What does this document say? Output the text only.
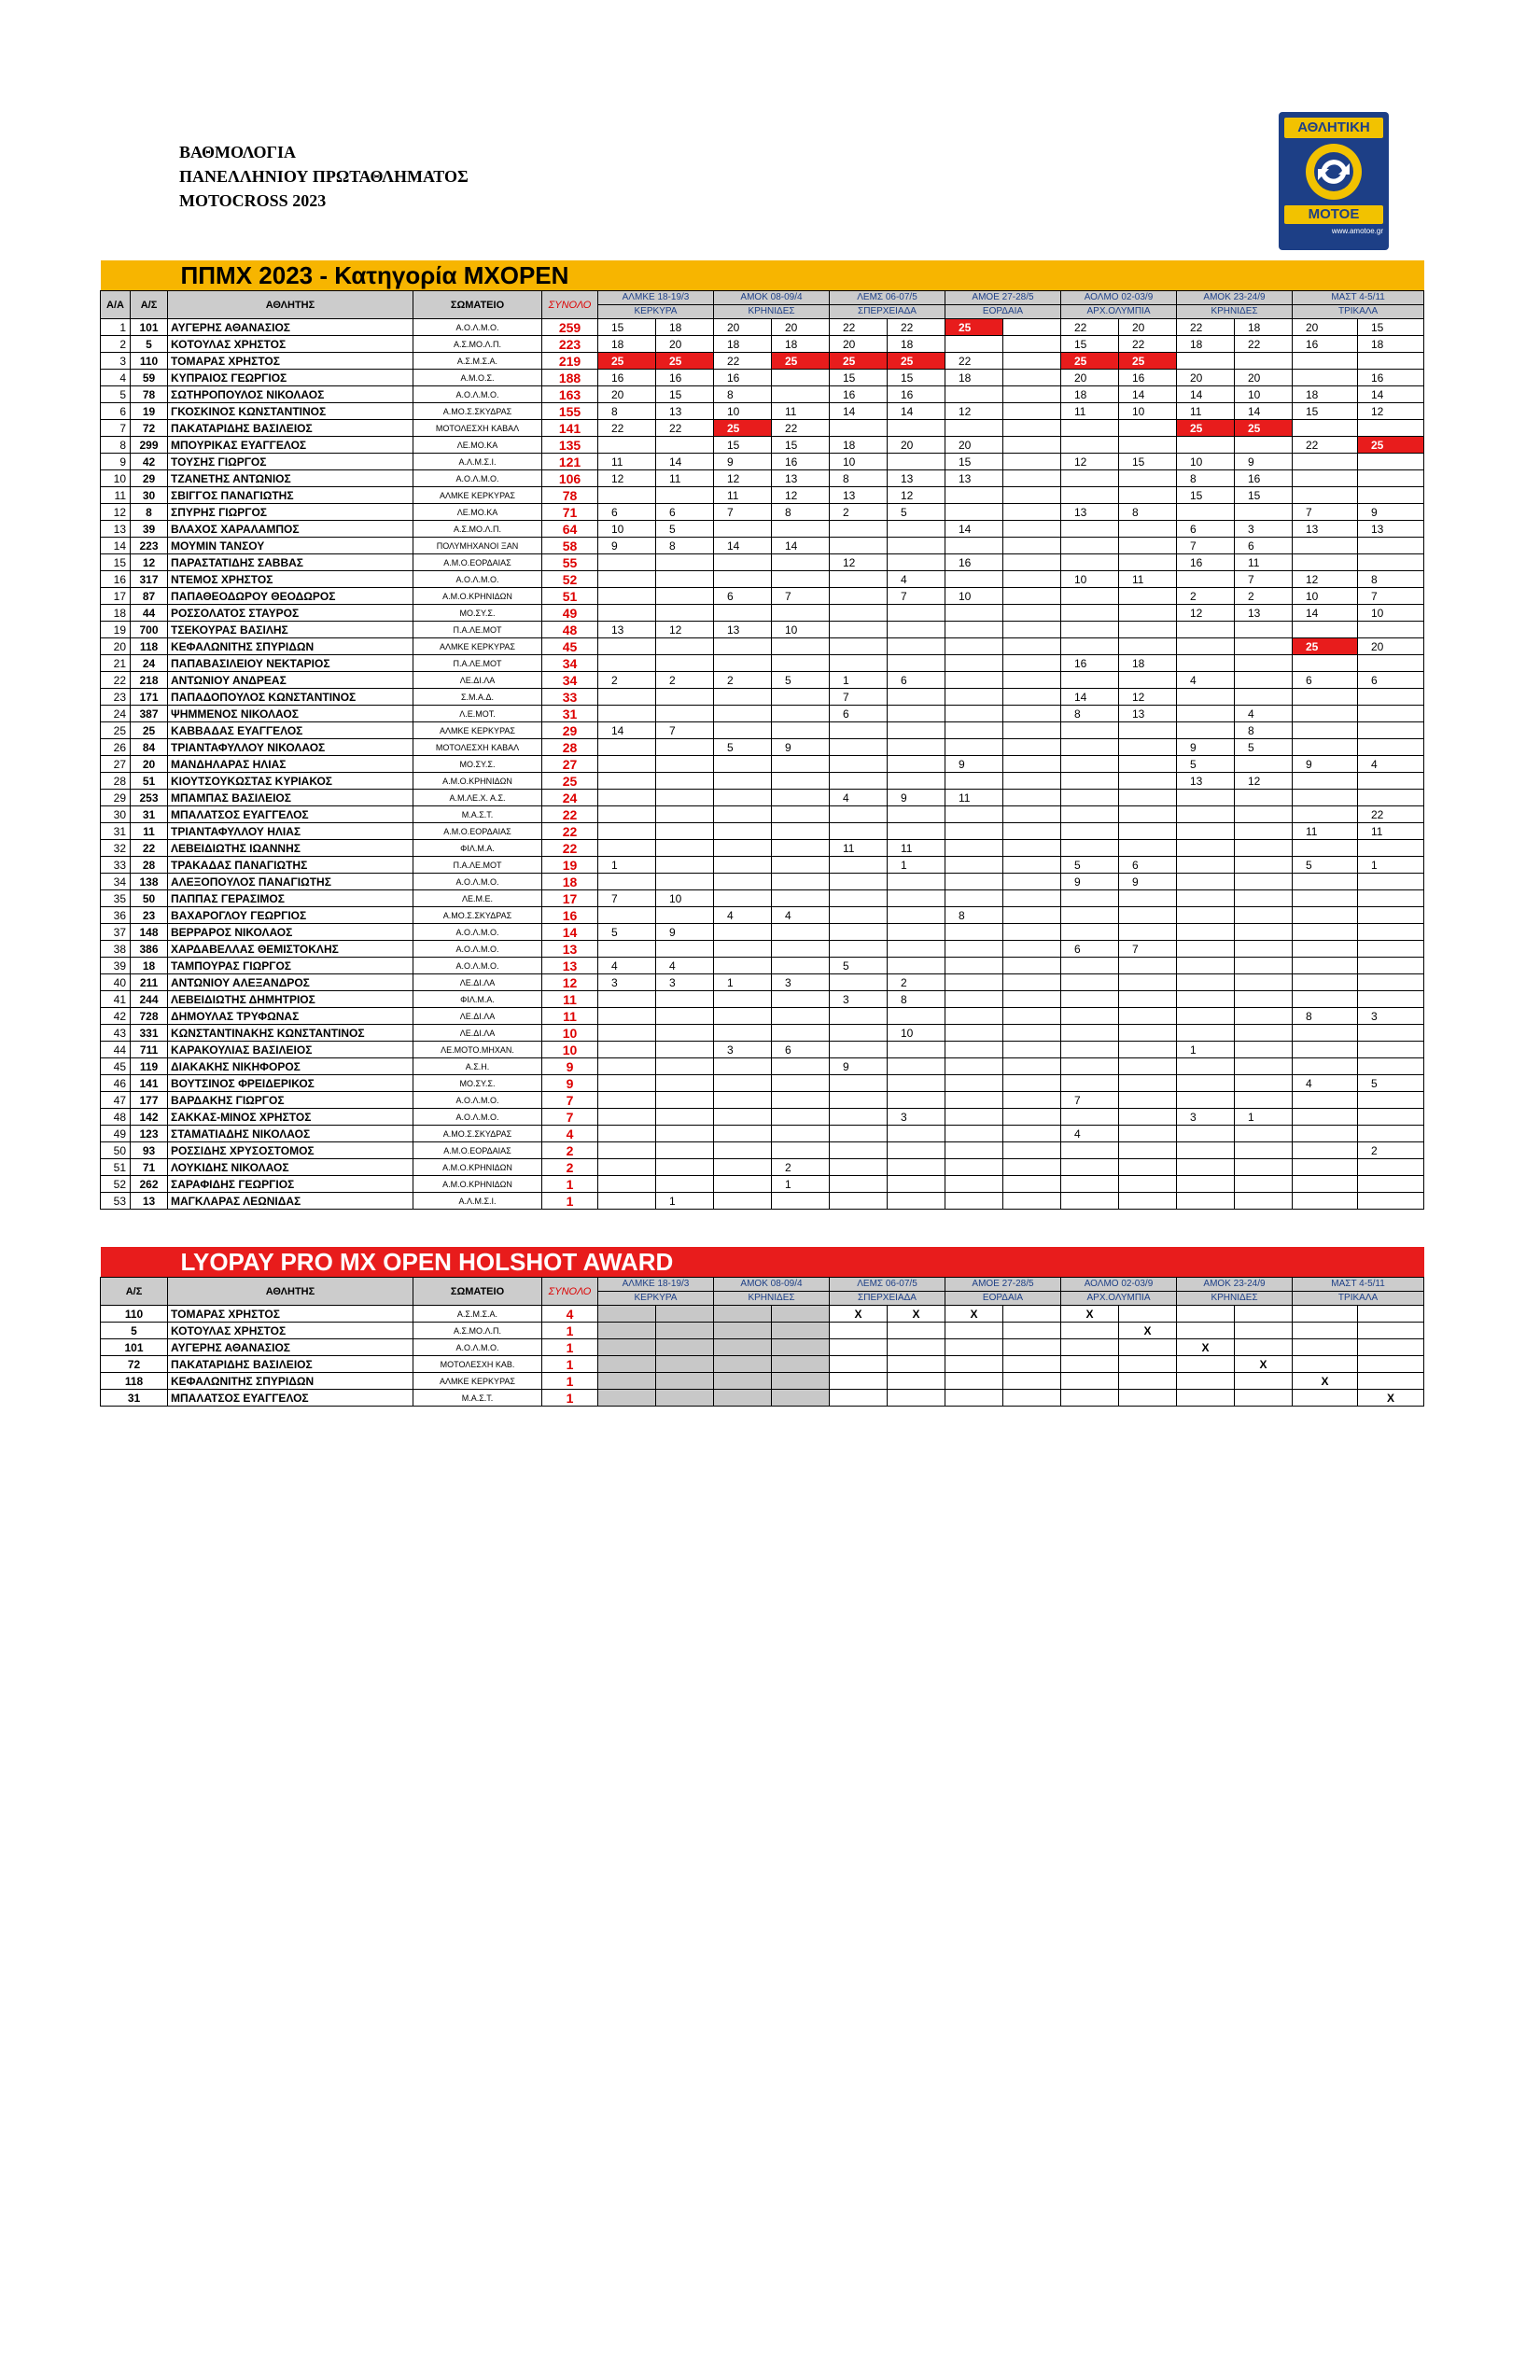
ΒΑΘΜΟΛΟΓΙΑ
ΠΑΝΕΛΛΗΝΙΟΥ ΠΡΩΤΑΘΛΗΜΑΤΟΣ
MOTOCROSS 2023
ΑΘΛΗΤΙΚΗ
ΜΟΤΟΕ
www.amotoe.gr
ΠΠΜΧ 2023 - Κατηγορία MXOPEN																		
Α/Α	Α/Σ	ΑΘΛΗΤΗΣ	ΣΩΜΑΤΕΙΟ	ΣΥΝΟΛΟ	ΑΛΜΚΕ 18-19/3		ΑΜΟΚ 08-09/4		ΛΕΜΣ 06-07/5		ΑΜΟΕ 27-28/5		ΑΟΛΜΟ 02-03/9		ΑΜΟΚ 23-24/9		ΜΑΣΤ 4-5/11	
					ΚΕΡΚΥΡΑ		ΚΡΗΝΙΔΕΣ		ΣΠΕΡΧΕΙΑΔΑ		ΕΟΡΔΑΙΑ		ΑΡΧ.ΟΛΥΜΠΙΑ		ΚΡΗΝΙΔΕΣ		ΤΡΙΚΑΛΑ	
1	101	ΑΥΓΕΡΗΣ ΑΘΑΝΑΣΙΟΣ	Α.Ο.Λ.Μ.Ο.	259	15	18	20	20	22	22	25		22	20	22	18	20	15
2	5	ΚΟΤΟΥΛΑΣ ΧΡΗΣΤΟΣ	Α.Σ.ΜΟ.Λ.Π.	223	18	20	18	18	20	18			15	22	18	22	16	18
3	110	ΤΟΜΑΡΑΣ ΧΡΗΣΤΟΣ	Α.Σ.Μ.Σ.Α.	219	25	25	22	25	25	25	22		25	25				
4	59	ΚΥΠΡΑΙΟΣ ΓΕΩΡΓΙΟΣ	Α.Μ.Ο.Σ.	188	16	16	16		15	15	18		20	16	20	20		16
5	78	ΣΩΤΗΡΟΠΟΥΛΟΣ ΝΙΚΟΛΑΟΣ	Α.Ο.Λ.Μ.Ο.	163	20	15	8		16	16			18	14	14	10	18	14
6	19	ΓΚΟΣΚΙΝΟΣ ΚΩΝΣΤΑΝΤΙΝΟΣ	Α.ΜΟ.Σ.ΣΚΥΔΡΑΣ	155	8	13	10	11	14	14	12		11	10	11	14	15	12
7	72	ΠΑΚΑΤΑΡΙΔΗΣ ΒΑΣΙΛΕΙΟΣ	ΜΟΤΟΛΕΣΧΗ ΚΑΒΑΛ	141	22	22	25	22							25	25		
8	299	ΜΠΟΥΡΙΚΑΣ ΕΥΑΓΓΕΛΟΣ	ΛΕ.ΜΟ.ΚΑ	135			15	15	18	20	20						22	25
9	42	ΤΟΥΣΗΣ ΓΙΩΡΓΟΣ	Α.Λ.Μ.Σ.Ι.	121	11	14	9	16	10		15		12	15	10	9		
10	29	ΤΖΑΝΕΤΗΣ ΑΝΤΩΝΙΟΣ	Α.Ο.Λ.Μ.Ο.	106	12	11	12	13	8	13	13				8	16		
11	30	ΣΒΙΓΓΟΣ ΠΑΝΑΓΙΩΤΗΣ	ΑΛΜΚΕ ΚΕΡΚΥΡΑΣ	78			11	12	13	12					15	15		
12	8	ΣΠΥΡΗΣ ΓΙΩΡΓΟΣ	ΛΕ.ΜΟ.ΚΑ	71	6	6	7	8	2	5			13	8			7	9
13	39	ΒΛΑΧΟΣ ΧΑΡΑΛΑΜΠΟΣ	Α.Σ.ΜΟ.Λ.Π.	64	10	5					14				6	3	13	13
14	223	ΜΟΥΜΙΝ ΤΑΝΣΟΥ	ΠΟΛΥΜΗΧΑΝΟΙ ΞΑΝ	58	9	8	14	14							7	6		
15	12	ΠΑΡΑΣΤΑΤΙΔΗΣ ΣΑΒΒΑΣ	Α.Μ.Ο.ΕΟΡΔΑΙΑΣ	55					12		16				16	11		
16	317	ΝΤΕΜΟΣ ΧΡΗΣΤΟΣ	Α.Ο.Λ.Μ.Ο.	52						4			10	11		7	12	8
17	87	ΠΑΠΑΘΕΟΔΩΡΟΥ ΘΕΟΔΩΡΟΣ	Α.Μ.Ο.ΚΡΗΝΙΔΩΝ	51			6	7		7	10				2	2	10	7
18	44	ΡΟΣΣΟΛΑΤΟΣ ΣΤΑΥΡΟΣ	ΜΟ.ΣΥ.Σ.	49											12	13	14	10
19	700	ΤΣΕΚΟΥΡΑΣ ΒΑΣΙΛΗΣ	Π.Α.ΛΕ.ΜΟΤ	48	13	12	13	10										
20	118	ΚΕΦΑΛΩΝΙΤΗΣ ΣΠΥΡΙΔΩΝ	ΑΛΜΚΕ ΚΕΡΚΥΡΑΣ	45													25	20
21	24	ΠΑΠΑΒΑΣΙΛΕΙΟΥ ΝΕΚΤΑΡΙΟΣ	Π.Α.ΛΕ.ΜΟΤ	34									16	18				
22	218	ΑΝΤΩΝΙΟΥ ΑΝΔΡΕΑΣ	ΛΕ.ΔΙ.ΛΑ	34	2	2	2	5	1	6					4		6	6
23	171	ΠΑΠΑΔΟΠΟΥΛΟΣ ΚΩΝΣΤΑΝΤΙΝΟΣ	Σ.Μ.Α.Δ.	33					7				14	12				
24	387	ΨΗΜΜΕΝΟΣ ΝΙΚΟΛΑΟΣ	Λ.Ε.ΜΟΤ.	31					6				8	13		4		
25	25	ΚΑΒΒΑΔΑΣ ΕΥΑΓΓΕΛΟΣ	ΑΛΜΚΕ ΚΕΡΚΥΡΑΣ	29	14	7										8		
26	84	ΤΡΙΑΝΤΑΦΥΛΛΟΥ ΝΙΚΟΛΑΟΣ	ΜΟΤΟΛΕΣΧΗ ΚΑΒΑΛ	28			5	9							9	5		
27	20	ΜΑΝΔΗΛΑΡΑΣ ΗΛΙΑΣ	ΜΟ.ΣΥ.Σ.	27							9				5		9	4
28	51	ΚΙΟΥΤΣΟΥΚΩΣΤΑΣ ΚΥΡΙΑΚΟΣ	Α.Μ.Ο.ΚΡΗΝΙΔΩΝ	25											13	12		
29	253	ΜΠΑΜΠΑΣ ΒΑΣΙΛΕΙΟΣ	Α.Μ.ΛΕ.Χ. Α.Σ.	24					4	9	11							
30	31	ΜΠΑΛΑΤΣΟΣ ΕΥΑΓΓΕΛΟΣ	Μ.Α.Σ.Τ.	22														22
31	11	ΤΡΙΑΝΤΑΦΥΛΛΟΥ ΗΛΙΑΣ	Α.Μ.Ο.ΕΟΡΔΑΙΑΣ	22													11	11
32	22	ΛΕΒΕΙΔΙΩΤΗΣ ΙΩΑΝΝΗΣ	ΦΙΛ.Μ.Α.	22					11	11								
33	28	ΤΡΑΚΑΔΑΣ ΠΑΝΑΓΙΩΤΗΣ	Π.Α.ΛΕ.ΜΟΤ	19	1					1			5	6			5	1
34	138	ΑΛΕΞΟΠΟΥΛΟΣ ΠΑΝΑΓΙΩΤΗΣ	Α.Ο.Λ.Μ.Ο.	18									9	9				
35	50	ΠΑΠΠΑΣ ΓΕΡΑΣΙΜΟΣ	ΛΕ.Μ.Ε.	17	7	10												
36	23	ΒΑΧΑΡΟΓΛΟΥ ΓΕΩΡΓΙΟΣ	Α.ΜΟ.Σ.ΣΚΥΔΡΑΣ	16			4	4			8							
37	148	ΒΕΡΡΑΡΟΣ ΝΙΚΟΛΑΟΣ	Α.Ο.Λ.Μ.Ο.	14	5	9												
38	386	ΧΑΡΔΑΒΕΛΛΑΣ ΘΕΜΙΣΤΟΚΛΗΣ	Α.Ο.Λ.Μ.Ο.	13									6	7				
39	18	ΤΑΜΠΟΥΡΑΣ ΓΙΩΡΓΟΣ	Α.Ο.Λ.Μ.Ο.	13	4	4			5									
40	211	ΑΝΤΩΝΙΟΥ ΑΛΕΞΑΝΔΡΟΣ	ΛΕ.ΔΙ.ΛΑ	12	3	3	1	3		2								
41	244	ΛΕΒΕΙΔΙΩΤΗΣ ΔΗΜΗΤΡΙΟΣ	ΦΙΛ.Μ.Α.	11					3	8								
42	728	ΔΗΜΟΥΛΑΣ ΤΡΥΦΩΝΑΣ	ΛΕ.ΔΙ.ΛΑ	11													8	3
43	331	ΚΩΝΣΤΑΝΤΙΝΑΚΗΣ ΚΩΝΣΤΑΝΤΙΝΟΣ	ΛΕ.ΔΙ.ΛΑ	10						10								
44	711	ΚΑΡΑΚΟΥΛΙΑΣ ΒΑΣΙΛΕΙΟΣ	ΛΕ.ΜΟΤΟ.ΜΗΧΑΝ.	10			3	6							1			
45	119	ΔΙΑΚΑΚΗΣ ΝΙΚΗΦΟΡΟΣ	Α.Σ.Η.	9					9									
46	141	ΒΟΥΤΣΙΝΟΣ ΦΡΕΙΔΕΡΙΚΟΣ	ΜΟ.ΣΥ.Σ.	9													4	5
47	177	ΒΑΡΔΑΚΗΣ ΓΙΩΡΓΟΣ	Α.Ο.Λ.Μ.Ο.	7									7					
48	142	ΣΑΚΚΑΣ-ΜΙΝΟΣ ΧΡΗΣΤΟΣ	Α.Ο.Λ.Μ.Ο.	7						3					3	1		
49	123	ΣΤΑΜΑΤΙΑΔΗΣ ΝΙΚΟΛΑΟΣ	Α.ΜΟ.Σ.ΣΚΥΔΡΑΣ	4									4					
50	93	ΡΟΣΣΙΔΗΣ ΧΡΥΣΟΣΤΟΜΟΣ	Α.Μ.Ο.ΕΟΡΔΑΙΑΣ	2														2
51	71	ΛΟΥΚΙΔΗΣ ΝΙΚΟΛΑΟΣ	Α.Μ.Ο.ΚΡΗΝΙΔΩΝ	2				2										
52	262	ΣΑΡΑΦΙΔΗΣ ΓΕΩΡΓΙΟΣ	Α.Μ.Ο.ΚΡΗΝΙΔΩΝ	1				1										
53	13	ΜΑΓΚΛΑΡΑΣ ΛΕΩΝΙΔΑΣ	Α.Λ.Μ.Σ.Ι.	1		1												
LYOPAY PRO MX OPEN HOLSHOT AWARD																	
Α/Σ	ΑΘΛΗΤΗΣ	ΣΩΜΑΤΕΙΟ	ΣΥΝΟΛΟ	ΑΛΜΚΕ 18-19/3		ΑΜΟΚ 08-09/4		ΛΕΜΣ 06-07/5		ΑΜΟΕ 27-28/5		ΑΟΛΜΟ 02-03/9		ΑΜΟΚ 23-24/9		ΜΑΣΤ 4-5/11	
				ΚΕΡΚΥΡΑ		ΚΡΗΝΙΔΕΣ		ΣΠΕΡΧΕΙΑΔΑ		ΕΟΡΔΑΙΑ		ΑΡΧ.ΟΛΥΜΠΙΑ		ΚΡΗΝΙΔΕΣ		ΤΡΙΚΑΛΑ	
110	ΤΟΜΑΡΑΣ ΧΡΗΣΤΟΣ	Α.Σ.Μ.Σ.Α.	4					X	X	X		X					
5	ΚΟΤΟΥΛΑΣ ΧΡΗΣΤΟΣ	Α.Σ.ΜΟ.Λ.Π.	1										X				
101	ΑΥΓΕΡΗΣ ΑΘΑΝΑΣΙΟΣ	Α.Ο.Λ.Μ.Ο.	1											X			
72	ΠΑΚΑΤΑΡΙΔΗΣ ΒΑΣΙΛΕΙΟΣ	ΜΟΤΟΛΕΣΧΗ ΚΑΒ.	1												X		
118	ΚΕΦΑΛΩΝΙΤΗΣ ΣΠΥΡΙΔΩΝ	ΑΛΜΚΕ ΚΕΡΚΥΡΑΣ	1													X	
31	ΜΠΑΛΑΤΣΟΣ ΕΥΑΓΓΕΛΟΣ	Μ.Α.Σ.Τ.	1														X
